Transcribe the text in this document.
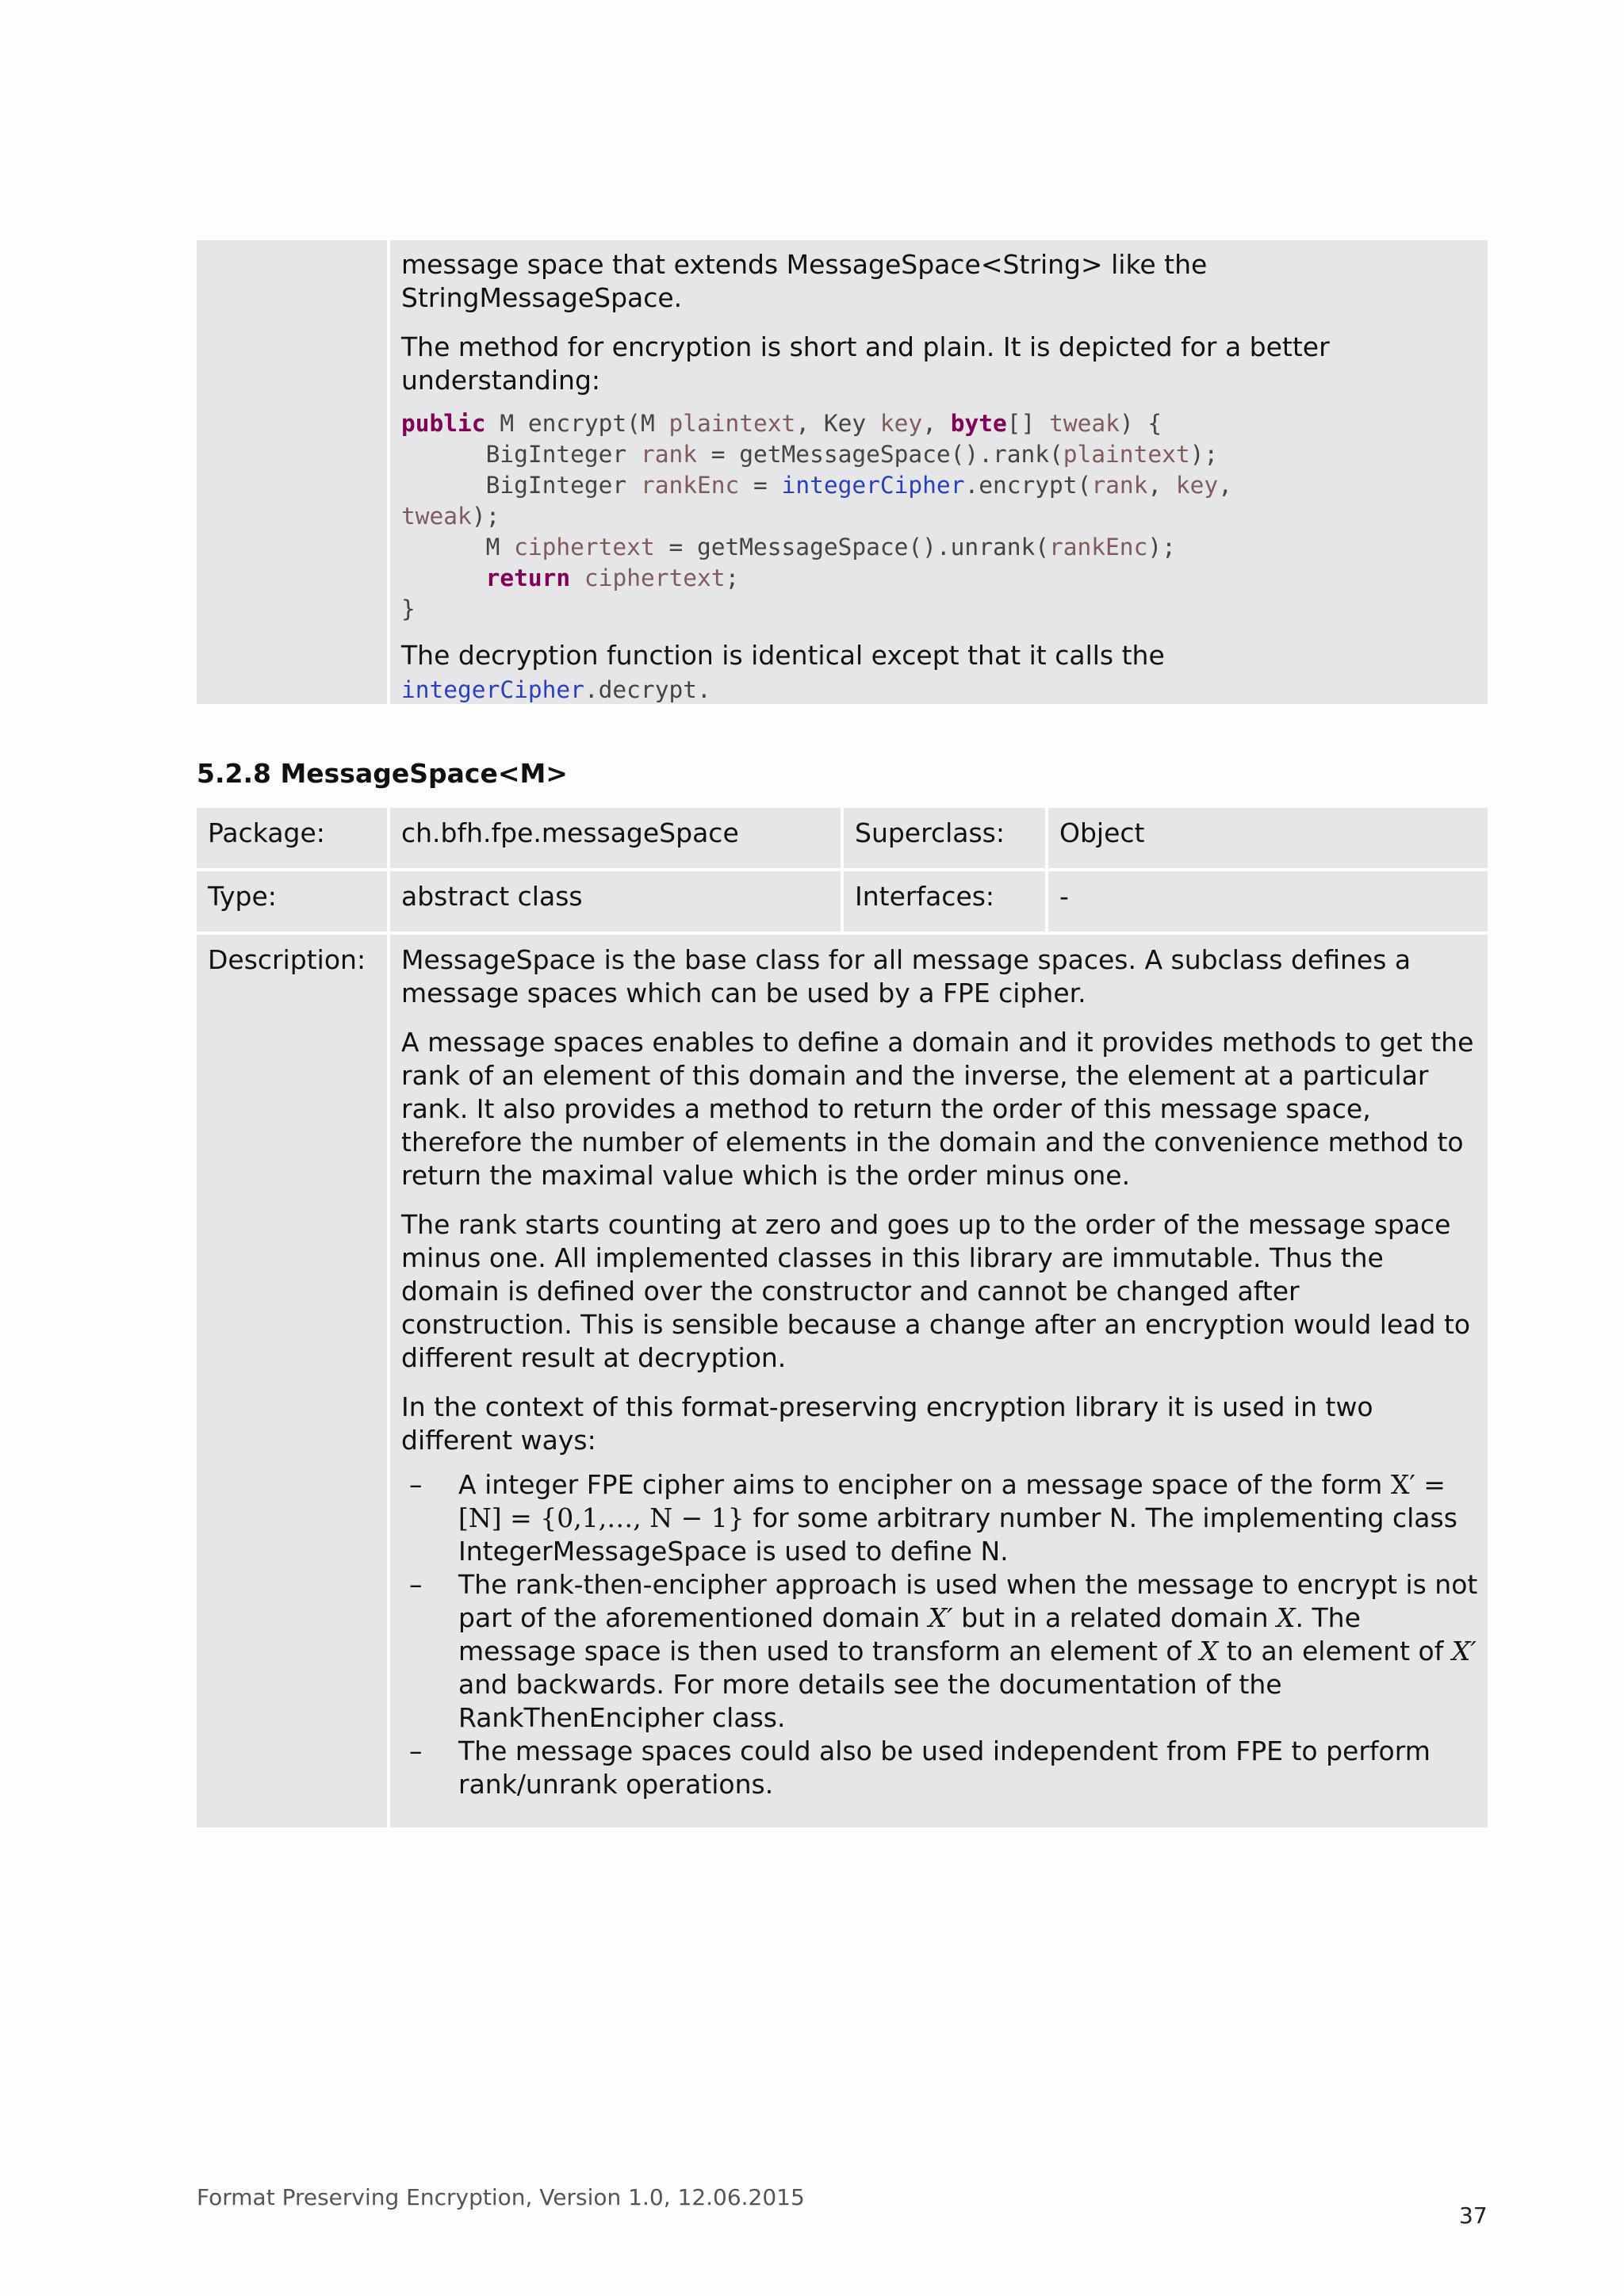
message space that extends MessageSpace<String> like the StringMessageSpace.

The method for encryption is short and plain. It is depicted for a better understanding:

public M encrypt(M plaintext, Key key, byte[] tweak) {
BigInteger rank = getMessageSpace().rank(plaintext);
BigInteger rankEnc = integerCipher.encrypt(rank, key,
tweak);
M ciphertext = getMessageSpace().unrank(rankEnc);
return ciphertext;
}

The decryption function is identical except that it calls the
integerCipher.decrypt.

5.2.8 MessageSpace<M>
Package:	ch.bfh.fpe.messageSpace	Superclass:	Object
Type:	abstract class	Interfaces:	-
Description:	MessageSpace is the base class for all message spaces. A subclass defines a message spaces which can be used by a FPE cipher.

A message spaces enables to define a domain and it provides methods to get the rank of an element of this domain and the inverse, the element at a particular rank. It also provides a method to return the order of this message space, therefore the number of elements in the domain and the convenience method to return the maximal value which is the order minus one.

The rank starts counting at zero and goes up to the order of the message space minus one. All implemented classes in this library are immutable. Thus the domain is defined over the constructor and cannot be changed after construction. This is sensible because a change after an encryption would lead to different result at decryption.

In the context of this format-preserving encryption library it is used in two different ways:

– A integer FPE cipher aims to encipher on a message space of the form X′ = [N] = {0,1,…, N − 1} for some arbitrary number N. The implementing class IntegerMessageSpace is used to define N.
– The rank-then-encipher approach is used when the message to encrypt is not part of the aforementioned domain X′ but in a related domain X. The message space is then used to transform an element of X to an element of X′ and backwards. For more details see the documentation of the RankThenEncipher class.
– The message spaces could also be used independent from FPE to perform rank/unrank operations.
Format Preserving Encryption, Version 1.0, 12.06.2015
37
